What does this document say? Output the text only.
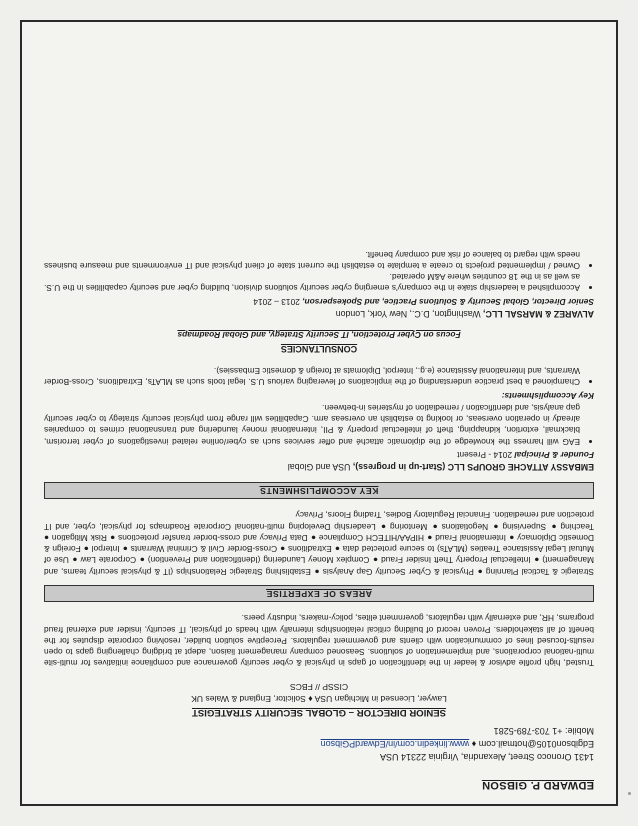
EDWARD P. GIBSON
1431 Oronoco Street, Alexandria, Virginia 22314 USA
Edgibson0105@hotmail.com ♦ www.linkedin.com/in/EdwardPGibson
Mobile: +1 703-789-5281
SENIOR DIRECTOR – GLOBAL SECURITY STRATEGIST
Lawyer, Licensed in Michigan USA ♦ Solicitor, England & Wales UK
CISSP // FBCS
Trusted, high profile advisor & leader in the identification of gaps in physical & cyber security governance and compliance initiatives for multi-site multi-national corporations, and implementation of solutions. Seasoned company management liaison, adept at bridging challenging gaps to open results-focused lines of communication with clients and government regulators. Perceptive solution builder, resolving corporate disputes for the benefit of all stakeholders. Proven record of building critical relationships internally with heads of physical, IT security, insider and external fraud programs, HR, and externally with regulators, government elites, policy-makers, industry peers.
AREAS OF EXPERTISE
Strategic & Tactical Planning ● Physical & Cyber Security Gap Analysis ● Establishing Strategic Relationships (IT & physical security teams, and Management) ● Intellectual Property Theft Insider Fraud ● Complex Money Laundering (Identification and Prevention) ● Corporate Law ● Use of Mutual Legal Assistance Treaties (MLATs) to secure protected data ● Extraditions ● Cross-Border Civil & Criminal Warrants ● Interpol ● Foreign & Domestic Diplomacy ● International Fraud ● HIPAA/HITECH Compliance ● Data Privacy and cross-border transfer protections ● Risk Mitigation ● Teaching ● Supervising ● Negotiations ● Mentoring ● Leadership Developing multi-national Corporate Roadmaps for physical, cyber, and IT protection and remediation. Financial Regulatory Bodies, Trading Floors, Privacy
KEY ACCOMPLISHMENTS
EMBASSY ATTACHE GROUPS LLC (Start-up in progress), USA and Global
Founder & Principal 2014 - Present
• EAG will harness the knowledge of the diplomatic attaché and offer services such as cyber/online related investigations of cyber terrorism, blackmail, extortion, kidnapping, theft of intellectual property & PII, international money laundering and transnational crimes to companies already in operation overseas, or looking to establish an overseas arm. Capabilities will range from physical security strategy to cyber security gap analysis, and identification / remediation of mysteries in-between.
Key Accomplishments:
• Championed a best practice understanding of the implications of leveraging various U.S. legal tools such as MLATs, Extraditions, Cross-Border Warrants, and International Assistance (e.g., Interpol, Diplomats at foreign & domestic Embassies).
CONSULTANCIES
Focus on Cyber Protection, IT Security Strategy, and Global Roadmaps
ALVAREZ & MARSAL LLC, Washington, D.C., New York, London
Senior Director, Global Security & Solutions Practice, and Spokesperson, 2013 – 2014
• Accomplished a leadership stake in the company's emerging cyber security solutions division, building cyber and security capabilities in the U.S. as well as in the 18 countries where A&M operated.
• Owned / implemented projects to create a template to establish the current state of client physical and IT environments and measure business needs with regard to balance of risk and company benefit.
